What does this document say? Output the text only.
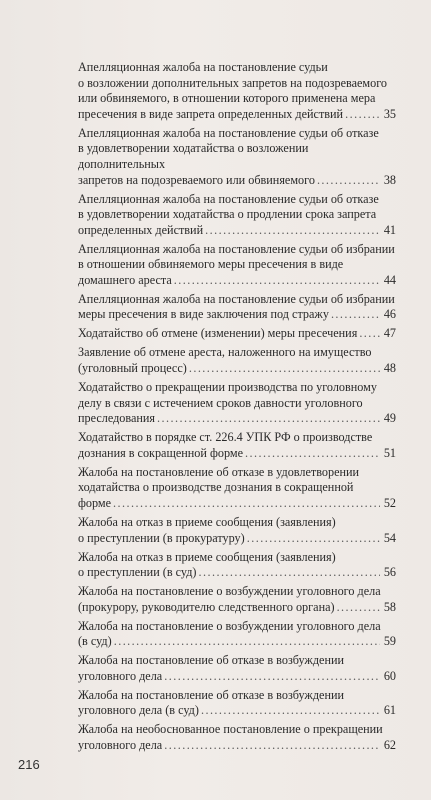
Апелляционная жалоба на постановление судьи
о возложении дополнительных запретов на подозреваемого
или обвиняемого, в отношении которого применена мера
пресечения в виде запрета определенных действий . . .	35
Апелляционная жалоба на постановление судьи об отказе
в удовлетворении ходатайства о возложении дополнительных
запретов на подозреваемого или обвиняемого . . .	38
Апелляционная жалоба на постановление судьи об отказе
в удовлетворении ходатайства о продлении срока запрета
определенных действий . . .	41
Апелляционная жалоба на постановление судьи об избрании
в отношении обвиняемого меры пресечения в виде
домашнего ареста . . .	44
Апелляционная жалоба на постановление судьи об избрании
меры пресечения в виде заключения под стражу . . .	46
Ходатайство об отмене (изменении) меры пресечения . . . 47
Заявление об отмене ареста, наложенного на имущество
(уголовный процесс) . . .	48
Ходатайство о прекращении производства по уголовному
делу в связи с истечением сроков давности уголовного
преследования . . .	49
Ходатайство в порядке ст. 226.4 УПК РФ о производстве
дознания в сокращенной форме . . .	51
Жалоба на постановление об отказе в удовлетворении
ходатайства о производстве дознания в сокращенной
форме . . .	52
Жалоба на отказ в приеме сообщения (заявления)
о преступлении (в прокуратуру) . . .	54
Жалоба на отказ в приеме сообщения (заявления)
о преступлении (в суд) . . .	56
Жалоба на постановление о возбуждении уголовного дела
(прокурору, руководителю следственного органа) . . .	58
Жалоба на постановление о возбуждении уголовного дела
(в суд) . . .	59
Жалоба на постановление об отказе в возбуждении
уголовного дела . . .	60
Жалоба на постановление об отказе в возбуждении
уголовного дела (в суд) . . .	61
Жалоба на необоснованное постановление о прекращении
уголовного дела . . .	62
216
